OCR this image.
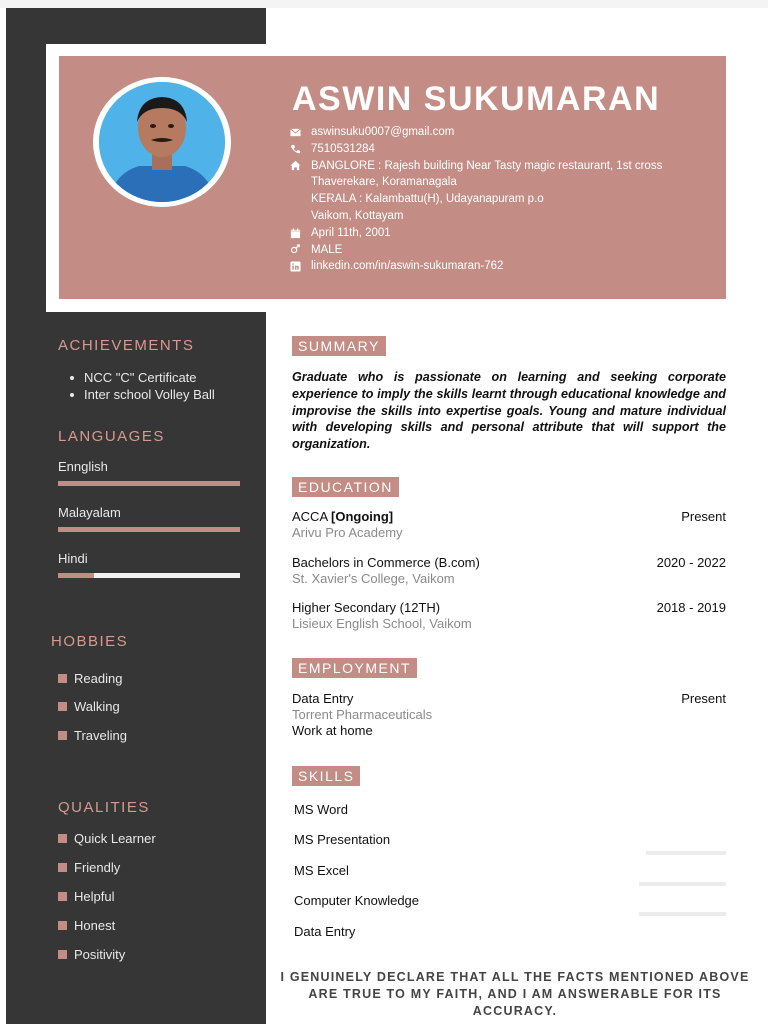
ASWIN SUKUMARAN
aswinsuku0007@gmail.com
7510531284
BANGLORE : Rajesh building Near Tasty magic restaurant, 1st cross
Thaverekare, Koramanagala
KERALA : Kalambattu(H), Udayanapuram p.o
Vaikom, Kottayam
April 11th, 2001
MALE
linkedin.com/in/aswin-sukumaran-762
ACHIEVEMENTS
NCC "C" Certificate
Inter school Volley Ball
LANGUAGES
Ennglish
Malayalam
Hindi
HOBBIES
Reading
Walking
Traveling
QUALITIES
Quick Learner
Friendly
Helpful
Honest
Positivity
SUMMARY
Graduate who is passionate on learning and seeking corporate experience to imply the skills learnt through educational knowledge and improvise the skills into expertise goals. Young and mature individual with developing skills and personal attribute that will support the organization.
EDUCATION
ACCA [Ongoing]	Present
Arivu Pro Academy
Bachelors in Commerce (B.com)	2020 - 2022
St. Xavier's College, Vaikom
Higher Secondary (12TH)	2018 - 2019
Lisieux English School, Vaikom
EMPLOYMENT
Data Entry	Present
Torrent Pharmaceuticals
Work at home
SKILLS
MS Word
MS Presentation
MS Excel
Computer Knowledge
Data Entry
I GENUINELY DECLARE THAT ALL THE FACTS MENTIONED ABOVE ARE TRUE TO MY FAITH, AND I AM ANSWERABLE FOR ITS ACCURACY.
